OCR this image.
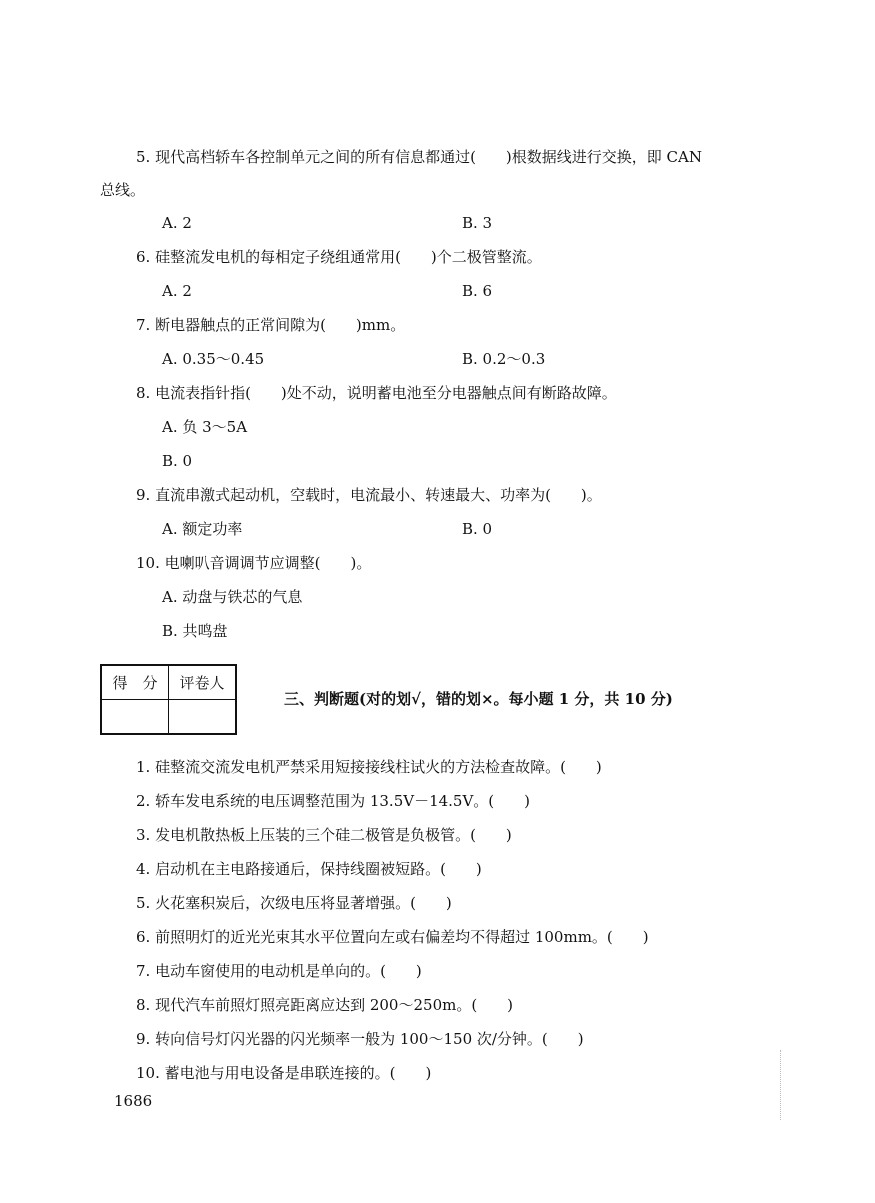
5. 现代高档轿车各控制单元之间的所有信息都通过(　　)根数据线进行交换，即 CAN
总线。
A. 2	B. 3
6. 硅整流发电机的每相定子绕组通常用(　　)个二极管整流。
A. 2	B. 6
7. 断电器触点的正常间隙为(　　)mm。
A. 0.35～0.45	B. 0.2～0.3
8. 电流表指针指(　　)处不动，说明蓄电池至分电器触点间有断路故障。
A. 负 3～5A
B. 0
9. 直流串激式起动机，空载时，电流最小、转速最大、功率为(　　)。
A. 额定功率	B. 0
10. 电喇叭音调调节应调整(　　)。
A. 动盘与铁芯的气息
B. 共鸣盘
得　分	评卷人

三、判断题(对的划√，错的划×。每小题 1 分，共 10 分)
1. 硅整流交流发电机严禁采用短接接线柱试火的方法检查故障。(　　)
2. 轿车发电系统的电压调整范围为 13.5V－14.5V。(　　)
3. 发电机散热板上压装的三个硅二极管是负极管。(　　)
4. 启动机在主电路接通后，保持线圈被短路。(　　)
5. 火花塞积炭后，次级电压将显著增强。(　　)
6. 前照明灯的近光光束其水平位置向左或右偏差均不得超过 100mm。(　　)
7. 电动车窗使用的电动机是单向的。(　　)
8. 现代汽车前照灯照亮距离应达到 200～250m。(　　)
9. 转向信号灯闪光器的闪光频率一般为 100～150 次/分钟。(　　)
10. 蓄电池与用电设备是串联连接的。(　　)
1686
